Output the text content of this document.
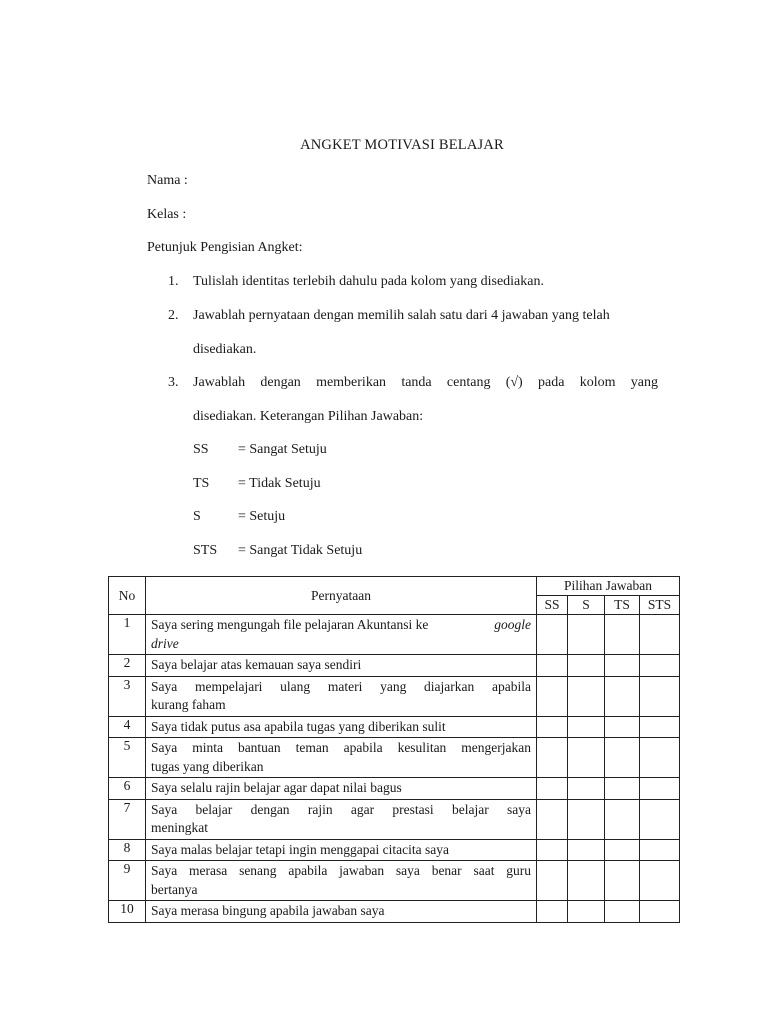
ANGKET MOTIVASI BELAJAR
Nama :
Kelas :
Petunjuk Pengisian Angket:
1. Tulislah identitas terlebih dahulu pada kolom yang disediakan.
2. Jawablah pernyataan dengan memilih salah satu dari 4 jawaban yang telah
disediakan.
3. Jawablah dengan memberikan tanda centang (√) pada kolom yang
disediakan. Keterangan Pilihan Jawaban:
SS = Sangat Setuju
TS = Tidak Setuju
S	= Setuju
STS = Sangat Tidak Setuju
No	Pernyataan	Pilihan Jawaban			
		SS	S	TS	STS
1	Saya sering mengungah file pelajaran Akuntansi ke google
drive				

2	Saya belajar atas kemauan saya sendiri				
3	Saya mempelajari ulang materi yang diajarkan apabila
kurang faham				

4	Saya tidak putus asa apabila tugas yang diberikan sulit				
5	Saya minta bantuan teman apabila kesulitan mengerjakan
tugas yang diberikan				

6	Saya selalu rajin belajar agar dapat nilai bagus				
7	Saya belajar dengan rajin agar prestasi belajar saya
meningkat				

8	Saya malas belajar tetapi ingin menggapai citacita saya				
9	Saya merasa senang apabila jawaban saya benar saat guru
bertanya				

10	Saya merasa bingung apabila jawaban saya				
